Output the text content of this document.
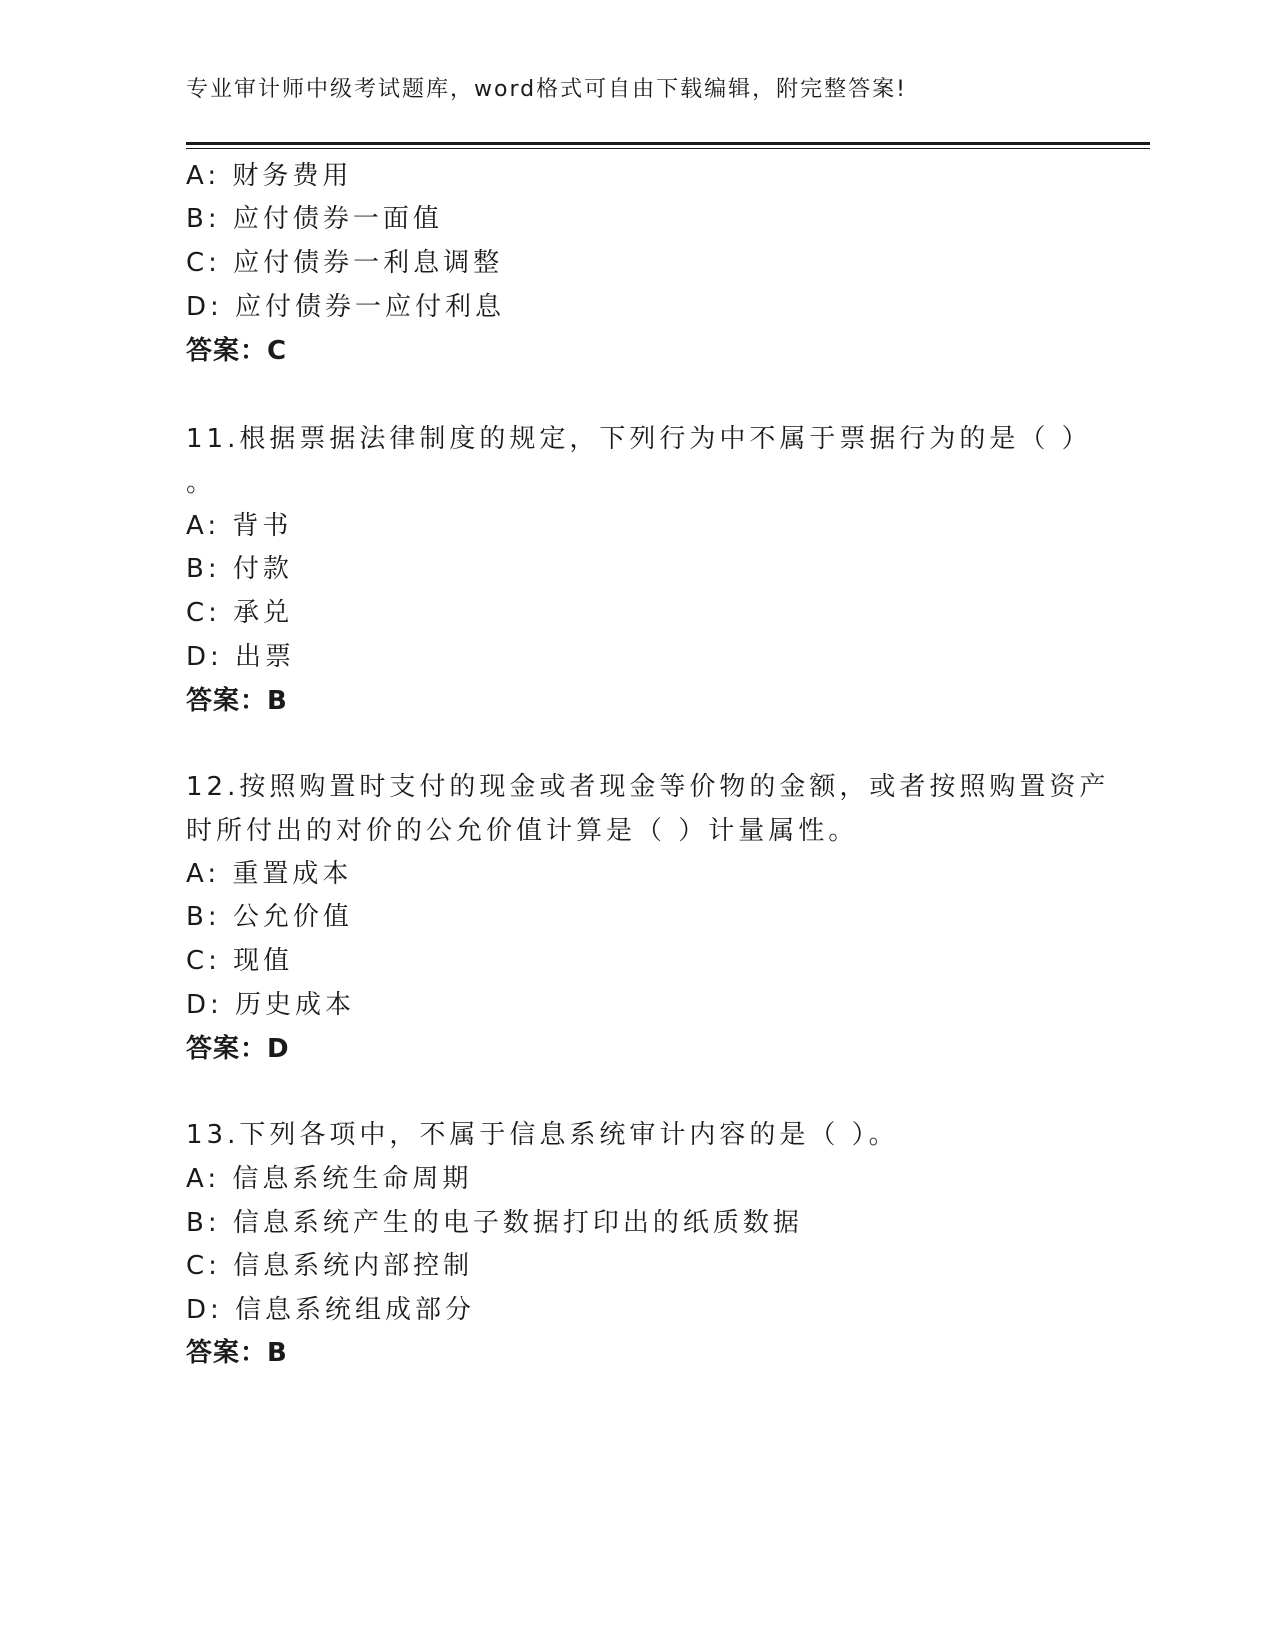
专业审计师中级考试题库，word格式可自由下载编辑，附完整答案!
A: 财务费用
B: 应付债券一面值
C: 应付债券一利息调整
D: 应付债券一应付利息
答案：C
11.根据票据法律制度的规定，下列行为中不属于票据行为的是（ ）
。
A: 背书
B: 付款
C: 承兑
D: 出票
答案：B
12.按照购置时支付的现金或者现金等价物的金额，或者按照购置资产
时所付出的对价的公允价值计算是（ ）计量属性。
A: 重置成本
B: 公允价值
C: 现值
D: 历史成本
答案：D
13.下列各项中，不属于信息系统审计内容的是（ ）。
A: 信息系统生命周期
B: 信息系统产生的电子数据打印出的纸质数据
C: 信息系统内部控制
D: 信息系统组成部分
答案：B
